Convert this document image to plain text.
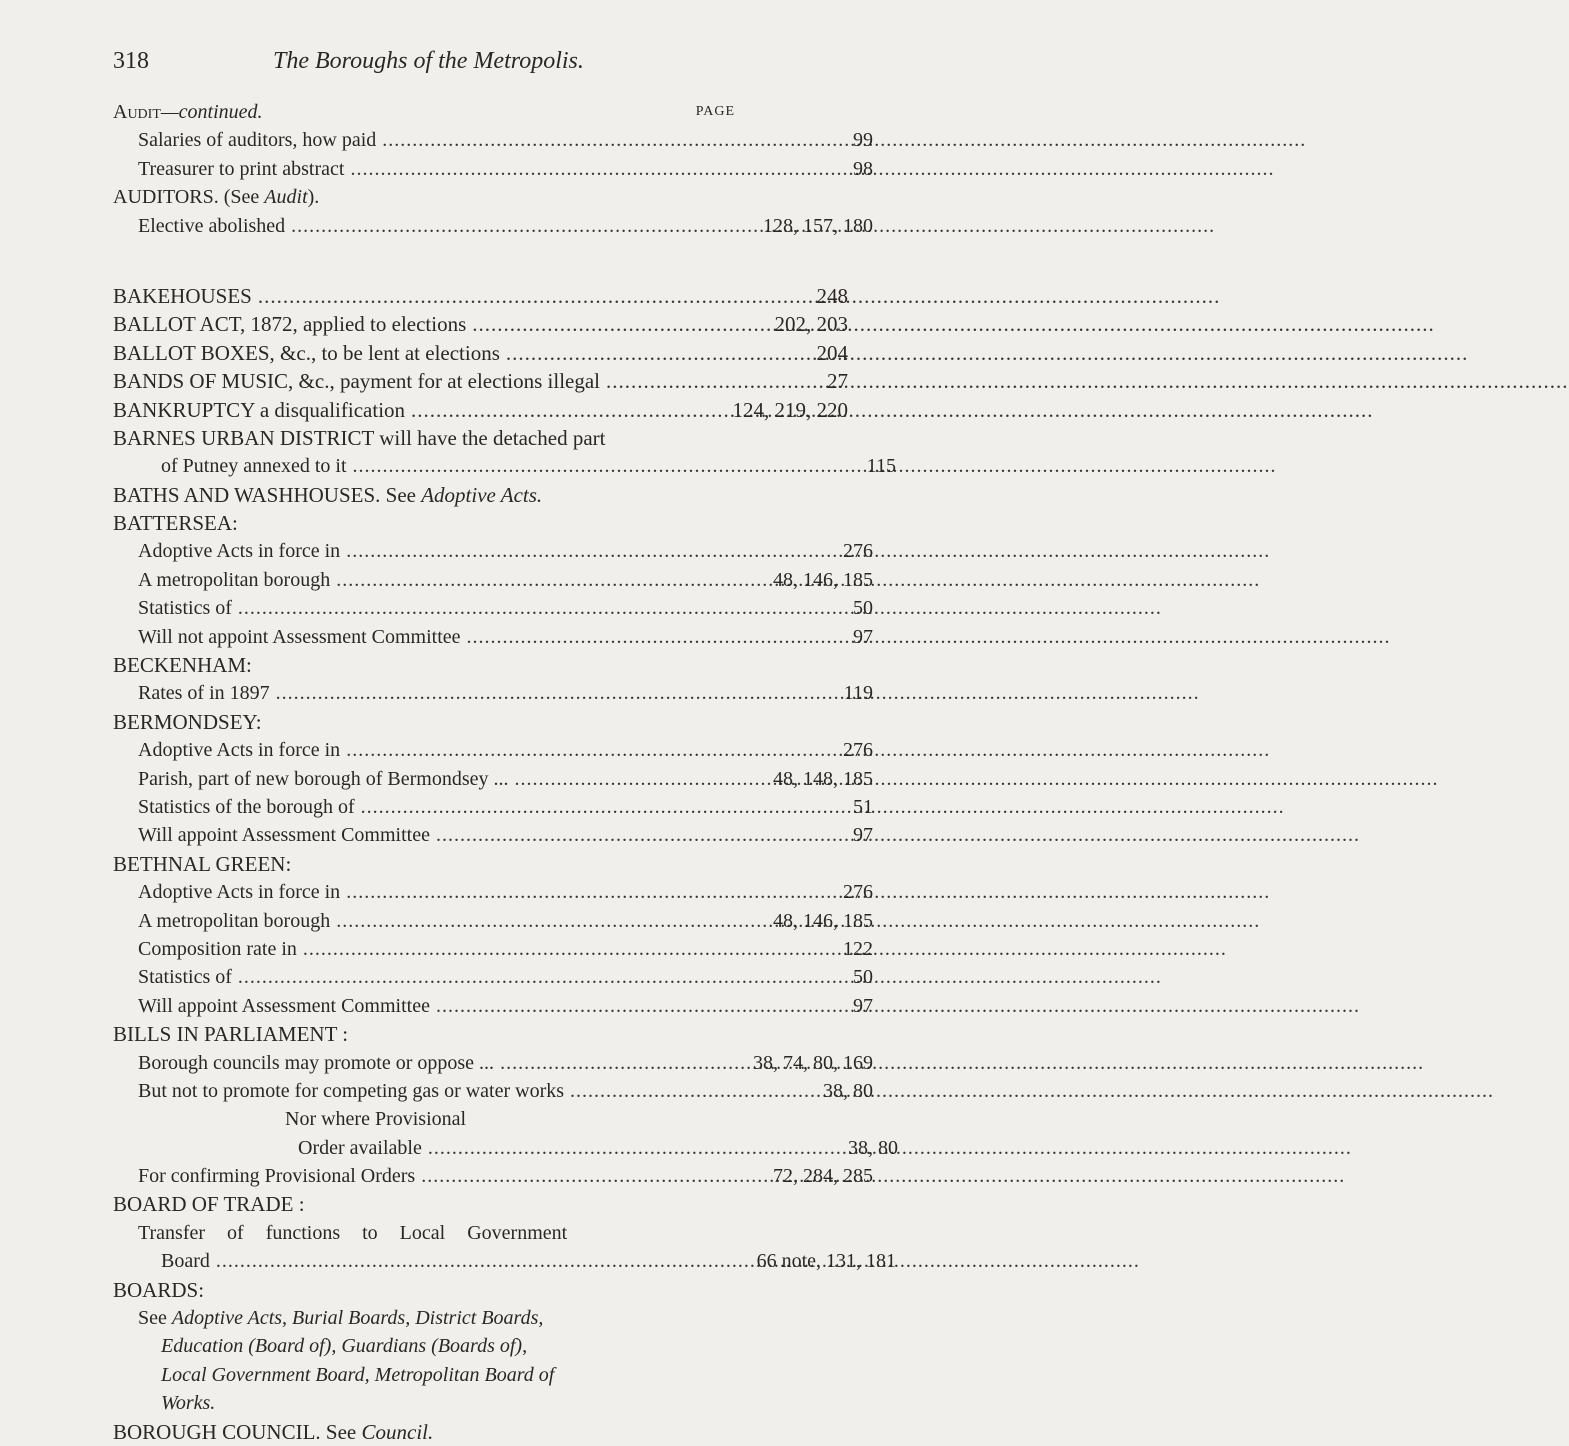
318	The Boroughs of the Metropolis.
Audit—continued.	PAGE
Salaries of auditors, how paid .....	99
Treasurer to print abstract .....	98
AUDITORS. (See Audit).
Elective abolished .....	128, 157, 180
BAKEHOUSES .....	248
BALLOT ACT, 1872, applied to elections .....	202, 203
BALLOT BOXES, &c., to be lent at elections .....	204
BANDS OF MUSIC, &c., payment for at elections illegal .....	27
BANKRUPTCY a disqualification .....	124, 219, 220
BARNES URBAN DISTRICT will have the detached part
of Putney annexed to it .....	115
BATHS AND WASHHOUSES. See Adoptive Acts.
BATTERSEA:
Adoptive Acts in force in .....	276
A metropolitan borough .....	48, 146, 185
Statistics of .....	50
Will not appoint Assessment Committee .....	97
BECKENHAM:
Rates of in 1897 .....	119
BERMONDSEY:
Adoptive Acts in force in .....	276
Parish, part of new borough of Bermondsey ... .....	48, 148, 185
Statistics of the borough of .....	51
Will appoint Assessment Committee .....	97
BETHNAL GREEN:
Adoptive Acts in force in .....	276
A metropolitan borough .....	48, 146, 185
Composition rate in .....	122
Statistics of .....	50
Will appoint Assessment Committee .....	97
BILLS IN PARLIAMENT :
Borough councils may promote or oppose ... .....	38, 74, 80, 169
But not to promote for competing gas or water works .....	38, 80
Nor where Provisional
Order available .....	38, 80
For confirming Provisional Orders .....	72, 284, 285
BOARD OF TRADE :
Transfer of functions to Local Government
Board .....	66 note, 131, 181
BOARDS:
See Adoptive Acts, Burial Boards, District Boards,
Education (Board of), Guardians (Boards of),
Local Government Board, Metropolitan Board of
Works.
BOROUGH COUNCIL. See Council.
